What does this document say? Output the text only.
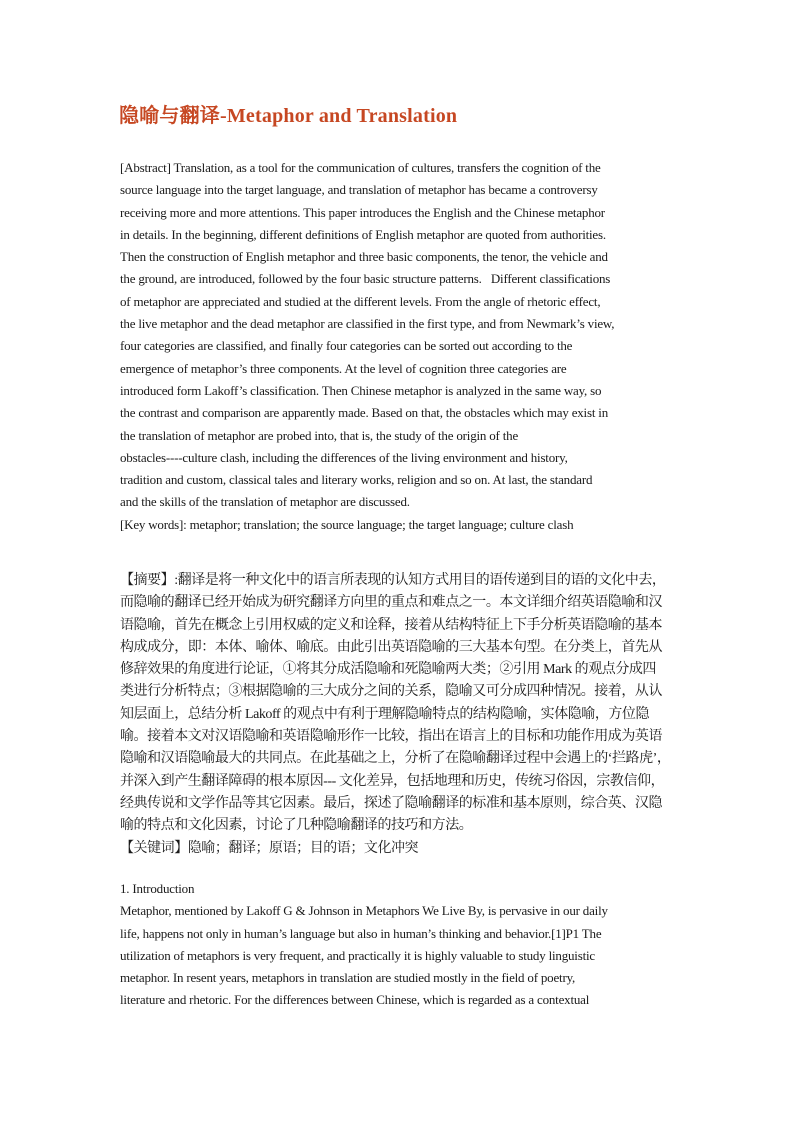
隐喻与翻译-Metaphor and Translation
[Abstract] Translation, as a tool for the communication of cultures, transfers the cognition of the
source language into the target language, and translation of metaphor has became a controversy
receiving more and more attentions. This paper introduces the English and the Chinese metaphor
in details. In the beginning, different definitions of English metaphor are quoted from authorities.
Then the construction of English metaphor and three basic components, the tenor, the vehicle and
the ground, are introduced, followed by the four basic structure patterns.   Different classifications
of metaphor are appreciated and studied at the different levels. From the angle of rhetoric effect,
the live metaphor and the dead metaphor are classified in the first type, and from Newmark’s view,
four categories are classified, and finally four categories can be sorted out according to the
emergence of metaphor’s three components. At the level of cognition three categories are
introduced form Lakoff’s classification. Then Chinese metaphor is analyzed in the same way, so
the contrast and comparison are apparently made. Based on that, the obstacles which may exist in
the translation of metaphor are probed into, that is, the study of the origin of the
obstacles----culture clash, including the differences of the living environment and history,
tradition and custom, classical tales and literary works, religion and so on. At last, the standard
and the skills of the translation of metaphor are discussed.
[Key words]: metaphor; translation; the source language; the target language; culture clash
【摘要】:翻译是将一种文化中的语言所表现的认知方式用目的语传递到目的语的文化中去，
而隐喻的翻译已经开始成为研究翻译方向里的重点和难点之一。本文详细介绍英语隐喻和汉
语隐喻，首先在概念上引用权威的定义和诠释，接着从结构特征上下手分析英语隐喻的基本
构成成分，即：本体、喻体、喻底。由此引出英语隐喻的三大基本句型。在分类上，首先从
修辞效果的角度进行论证，①将其分成活隐喻和死隐喻两大类；②引用 Mark 的观点分成四
类进行分析特点；③根据隐喻的三大成分之间的关系，隐喻又可分成四种情况。接着，从认
知层面上，总结分析 Lakoff 的观点中有利于理解隐喻特点的结构隐喻，实体隐喻，方位隐
喻。接着本文对汉语隐喻和英语隐喻形作一比较，指出在语言上的目标和功能作用成为英语
隐喻和汉语隐喻最大的共同点。在此基础之上，分析了在隐喻翻译过程中会遇上的‘拦路虎’，
并深入到产生翻译障碍的根本原因--- 文化差异，包括地理和历史，传统习俗因，宗教信仰，
经典传说和文学作品等其它因素。最后，探述了隐喻翻译的标准和基本原则，综合英、汉隐
喻的特点和文化因素，讨论了几种隐喻翻译的技巧和方法。
【关键词】隐喻；翻译；原语；目的语；文化冲突
1. Introduction
Metaphor, mentioned by Lakoff G & Johnson in Metaphors We Live By, is pervasive in our daily
life, happens not only in human’s language but also in human’s thinking and behavior.[1]P1 The
utilization of metaphors is very frequent, and practically it is highly valuable to study linguistic
metaphor. In resent years, metaphors in translation are studied mostly in the field of poetry,
literature and rhetoric. For the differences between Chinese, which is regarded as a contextual
